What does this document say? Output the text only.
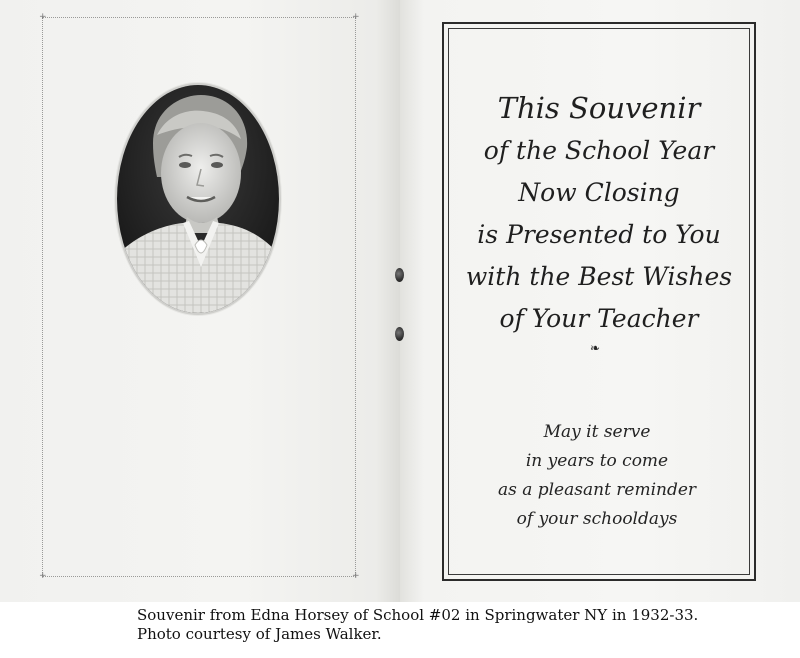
+	+
+	+
This Souvenir
of the School Year
Now Closing
is Presented to You
with the Best Wishes
of Your Teacher
❧
May it serve
in years to come
as a pleasant reminder
of your schooldays
Souvenir from Edna Horsey of School #02 in Springwater NY in 1932-33.
Photo courtesy of James Walker.
